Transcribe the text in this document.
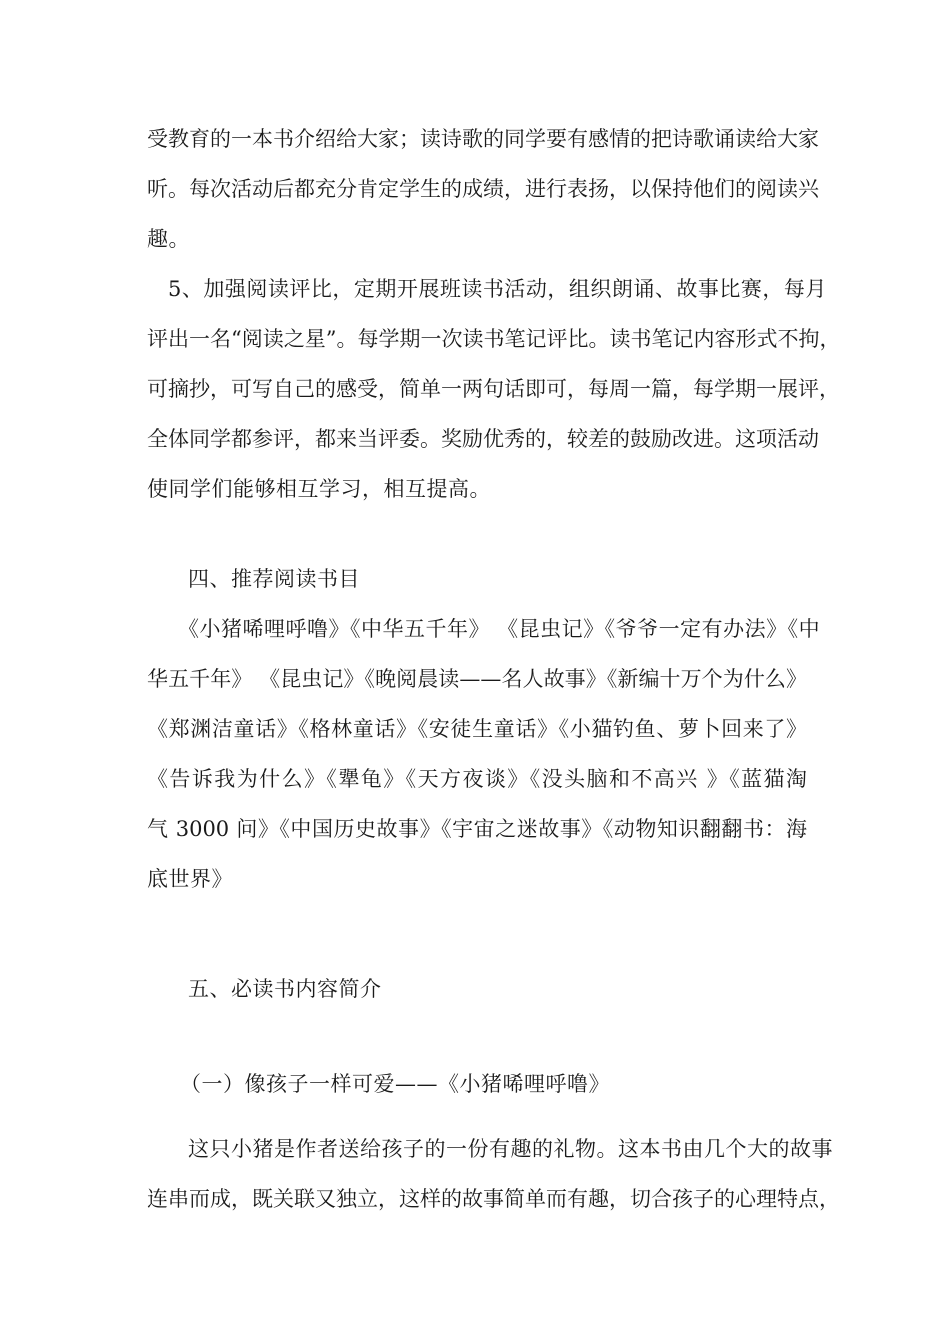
受教育的一本书介绍给大家；读诗歌的同学要有感情的把诗歌诵读给大家
听。每次活动后都充分肯定学生的成绩，进行表扬，以保持他们的阅读兴
趣。
5、加强阅读评比，定期开展班读书活动，组织朗诵、故事比赛，每月
评出一名“阅读之星”。每学期一次读书笔记评比。读书笔记内容形式不拘，
可摘抄，可写自己的感受，简单一两句话即可，每周一篇，每学期一展评，
全体同学都参评，都来当评委。奖励优秀的，较差的鼓励改进。这项活动
使同学们能够相互学习，相互提高。
四、推荐阅读书目
《小猪唏哩呼噜》《中华五千年》 《昆虫记》《爷爷一定有办法》《中
华五千年》 《昆虫记》《晚阅晨读——名人故事》《新编十万个为什么》
《郑渊洁童话》《格林童话》《安徒生童话》《小猫钓鱼、萝卜回来了》
《告诉我为什么》《犟龟》《天方夜谈》《没头脑和不高兴 》《蓝猫淘
气 3000 问》《中国历史故事》《宇宙之迷故事》《动物知识翻翻书：海
底世界》
五、必读书内容简介
（一）像孩子一样可爱——《小猪唏哩呼噜》
这只小猪是作者送给孩子的一份有趣的礼物。这本书由几个大的故事
连串而成，既关联又独立，这样的故事简单而有趣，切合孩子的心理特点，
